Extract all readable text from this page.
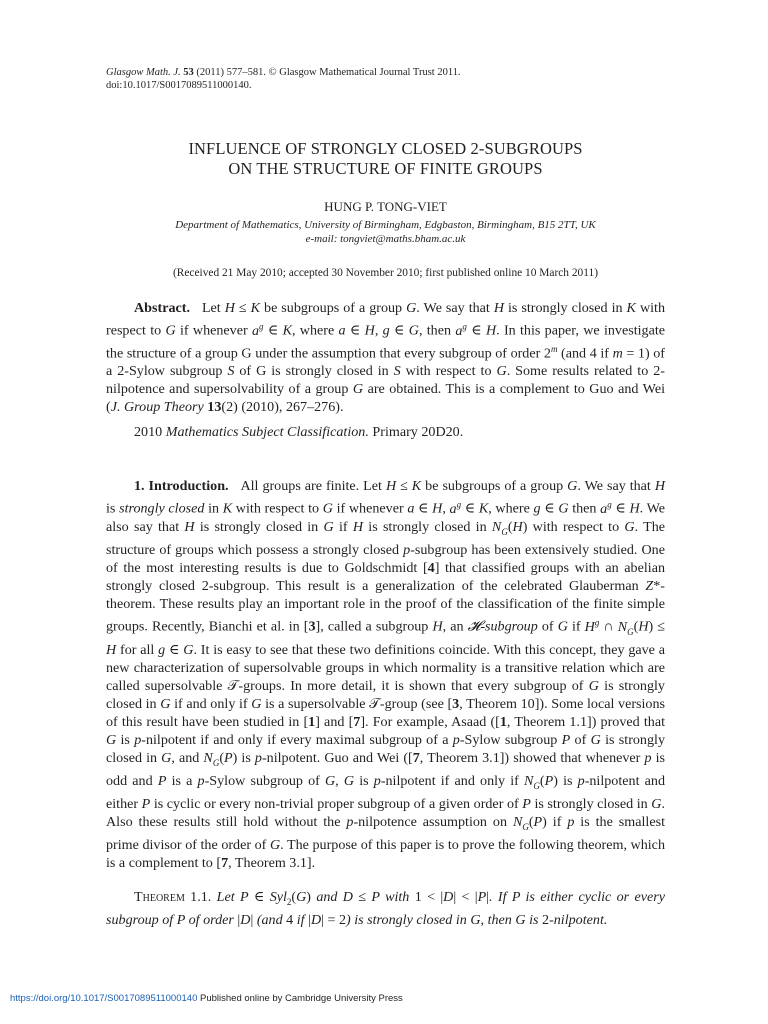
Glasgow Math. J. 53 (2011) 577–581. © Glasgow Mathematical Journal Trust 2011.
doi:10.1017/S0017089511000140.
INFLUENCE OF STRONGLY CLOSED 2-SUBGROUPS
ON THE STRUCTURE OF FINITE GROUPS
HUNG P. TONG-VIET
Department of Mathematics, University of Birmingham, Edgbaston, Birmingham, B15 2TT, UK
e-mail: tongviet@maths.bham.ac.uk
(Received 21 May 2010; accepted 30 November 2010; first published online 10 March 2011)

Abstract.   Let H ≤ K be subgroups of a group G. We say that H is strongly closed in K with respect to G if whenever $a^g$ ∈ K, where a ∈ H, g ∈ G, then $a^g$ ∈ H. In this paper, we investigate the structure of a group G under the assumption that every subgroup of order 2$^m$ (and 4 if m = 1) of a 2-Sylow subgroup S of G is strongly closed in S with respect to G. Some results related to 2-nilpotence and supersolvability of a group G are obtained. This is a complement to Guo and Wei (J. Group Theory 13(2) (2010), 267–276).

2010 Mathematics Subject Classification. Primary 20D20.

1. Introduction.   All groups are finite. Let H ≤ K be subgroups of a group G. We say that H is strongly closed in K with respect to G if whenever a ∈ H, $a^g$ ∈ K, where g ∈ G then $a^g$ ∈ H. We also say that H is strongly closed in G if H is strongly closed in $N_G(H)$ with respect to G. The structure of groups which possess a strongly closed p-subgroup has been extensively studied. One of the most interesting results is due to Goldschmidt [4] that classified groups with an abelian strongly closed 2-subgroup. This result is a generalization of the celebrated Glauberman Z*-theorem. These results play an important role in the proof of the classification of the finite simple groups. Recently, Bianchi et al. in [3], called a subgroup H, an 𝓗-subgroup of G if $H^g$ ∩ $N_G(H) \le H$ for all g ∈ G. It is easy to see that these two definitions coincide. With this concept, they gave a new characterization of supersolvable groups in which normality is a transitive relation which are called supersolvable 𝒯-groups. In more detail, it is shown that every subgroup of G is strongly closed in G if and only if G is a supersolvable 𝒯-group (see [3, Theorem 10]). Some local versions of this result have been studied in [1] and [7]. For example, Asaad ([1, Theorem 1.1]) proved that G is p-nilpotent if and only if every maximal subgroup of a p-Sylow subgroup P of G is strongly closed in G, and $N_G(P)$ is p-nilpotent. Guo and Wei ([7, Theorem 3.1]) showed that whenever p is odd and P is a p-Sylow subgroup of G, G is p-nilpotent if and only if $N_G(P)$ is p-nilpotent and either P is cyclic or every non-trivial proper subgroup of a given order of P is strongly closed in G. Also these results still hold without the p-nilpotence assumption on $N_G(P)$ if p is the smallest prime divisor of the order of G. The purpose of this paper is to prove the following theorem, which is a complement to [7, Theorem 3.1].

Theorem 1.1. Let P ∈ Syl$_2$(G) and D ≤ P with 1 < |D| < |P|. If P is either cyclic or every subgroup of P of order |D| (and 4 if |D| = 2) is strongly closed in G, then G is 2-nilpotent.

https://doi.org/10.1017/S0017089511000140 Published online by Cambridge University Press
